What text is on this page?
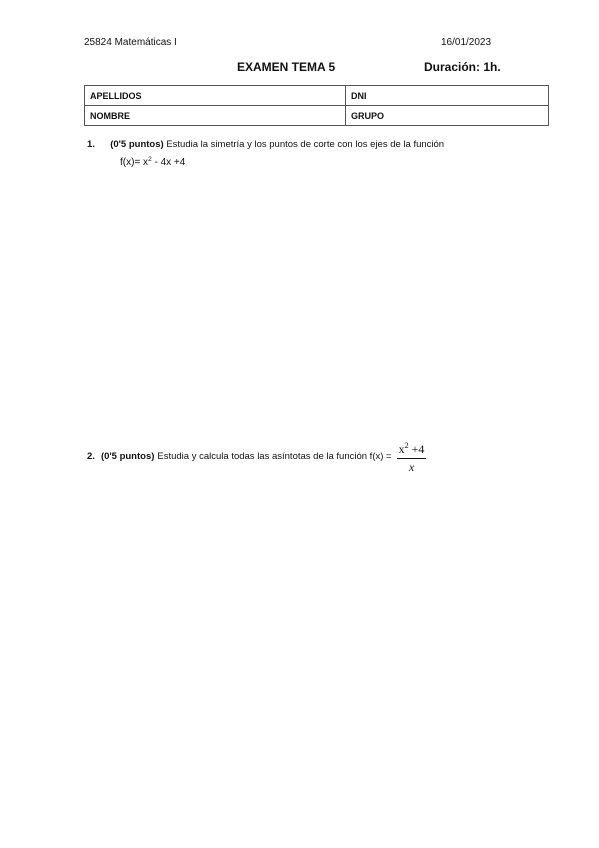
25824 Matemáticas I	16/01/2023
EXAMEN TEMA 5	Duración: 1h.
APELLIDOS	DNI
NOMBRE	GRUPO
1. (0'5 puntos) Estudia la simetría y los puntos de corte con los ejes de la función
$f(x)= x^2 - 4x +4$
2. (0'5 puntos) Estudia y calcula todas las asíntotas de la función $f(x) = \frac{x^2 +4}{x}$
